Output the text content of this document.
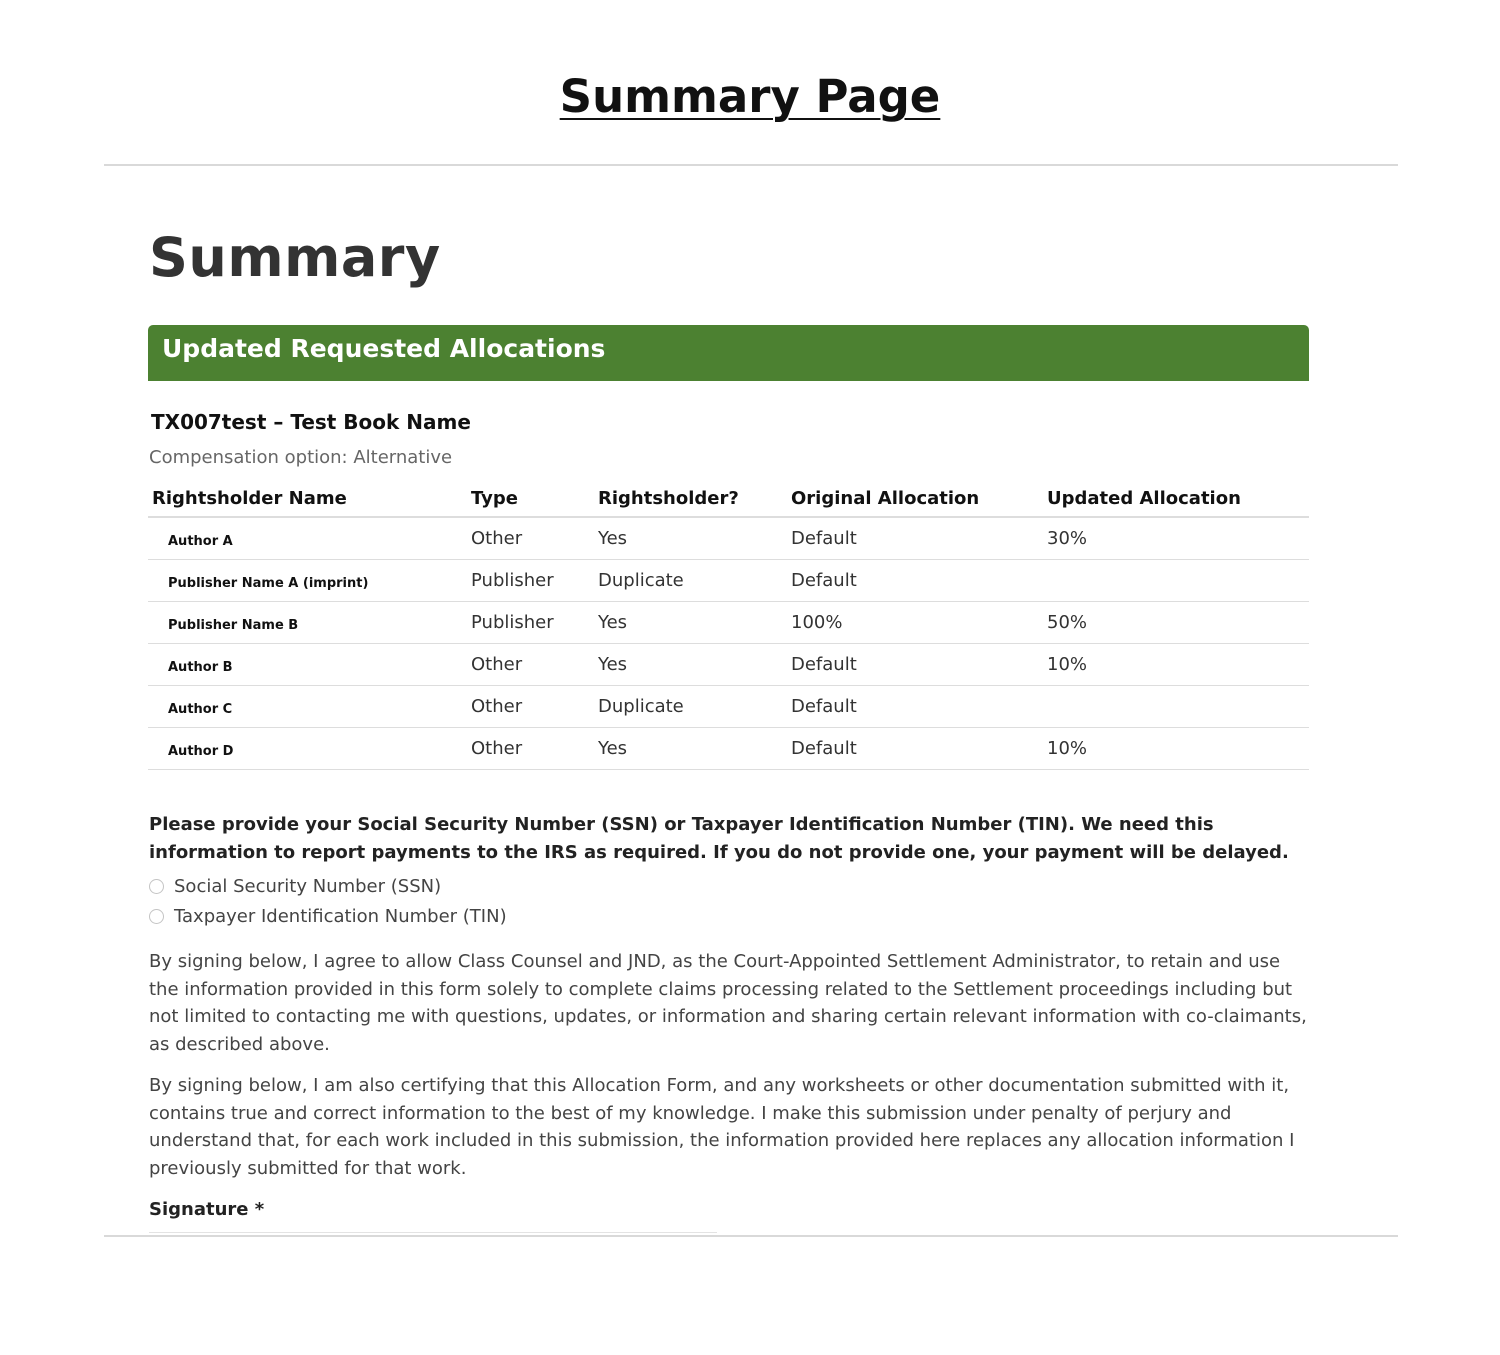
Summary Page
Summary
Updated Requested Allocations
TX007test – Test Book Name
Compensation option: Alternative
Rightsholder Name	Type	Rightsholder?	Original Allocation	Updated Allocation
Author A	Other	Yes	Default	30%
Publisher Name A (imprint)	Publisher	Duplicate	Default	
Publisher Name B	Publisher	Yes	100%	50%
Author B	Other	Yes	Default	10%
Author C	Other	Duplicate	Default	
Author D	Other	Yes	Default	10%
Please provide your Social Security Number (SSN) or Taxpayer Identification Number (TIN). We need this information to report payments to the IRS as required. If you do not provide one, your payment will be delayed.
Social Security Number (SSN)
Taxpayer Identification Number (TIN)

By signing below, I agree to allow Class Counsel and JND, as the Court-Appointed Settlement Administrator, to retain and use the information provided in this form solely to complete claims processing related to the Settlement proceedings including but not limited to contacting me with questions, updates, or information and sharing certain relevant information with co-claimants, as described above.

By signing below, I am also certifying that this Allocation Form, and any worksheets or other documentation submitted with it, contains true and correct information to the best of my knowledge. I make this submission under penalty of perjury and understand that, for each work included in this submission, the information provided here replaces any allocation information I previously submitted for that work.

Signature *
